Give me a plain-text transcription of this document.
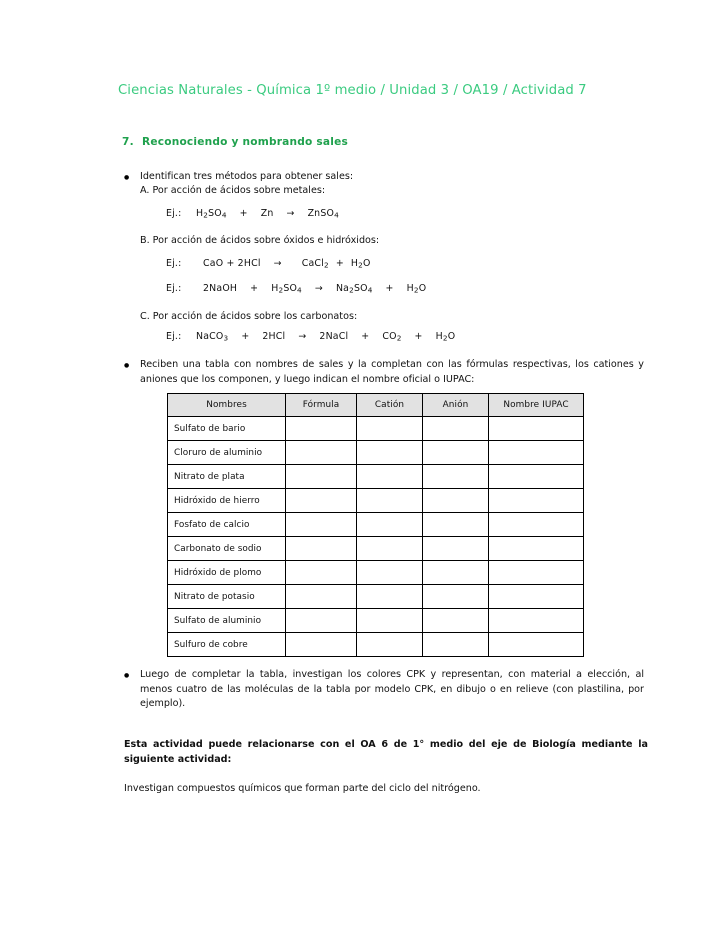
Ciencias Naturales - Química 1º medio / Unidad 3 / OA19 / Actividad 7
7. Reconociendo y nombrando sales
●
Identifican tres métodos para obtener sales:
A. Por acción de ácidos sobre metales:
Ej.: $H_2SO_4 + Zn$ → ZnSO$_4$
B. Por acción de ácidos sobre óxidos e hidróxidos:
Ej.: CaO + 2HCl → CaCl$_2$ + $H_2O$
Ej.: 2NaOH + $H_2SO_4 \to Na_2SO_4 + H_2O$
C. Por acción de ácidos sobre los carbonatos:
Ej.: NaCO$_3$ + 2HCl → 2NaCl + $CO_2 + H_2O$
●
Reciben una tabla con nombres de sales y la completan con las fórmulas respectivas, los cationes y aniones que los componen, y luego indican el nombre oficial o IUPAC:
Nombres	Fórmula	Catión	Anión	Nombre IUPAC
Sulfato de bario				
Cloruro de aluminio				
Nitrato de plata				
Hidróxido de hierro				
Fosfato de calcio				
Carbonato de sodio				
Hidróxido de plomo				
Nitrato de potasio				
Sulfato de aluminio				
Sulfuro de cobre				
●
Luego de completar la tabla, investigan los colores CPK y representan, con material a elección, al menos cuatro de las moléculas de la tabla por modelo CPK, en dibujo o en relieve (con plastilina, por ejemplo).
Esta actividad puede relacionarse con el OA 6 de 1° medio del eje de Biología mediante la siguiente actividad:
Investigan compuestos químicos que forman parte del ciclo del nitrógeno.
